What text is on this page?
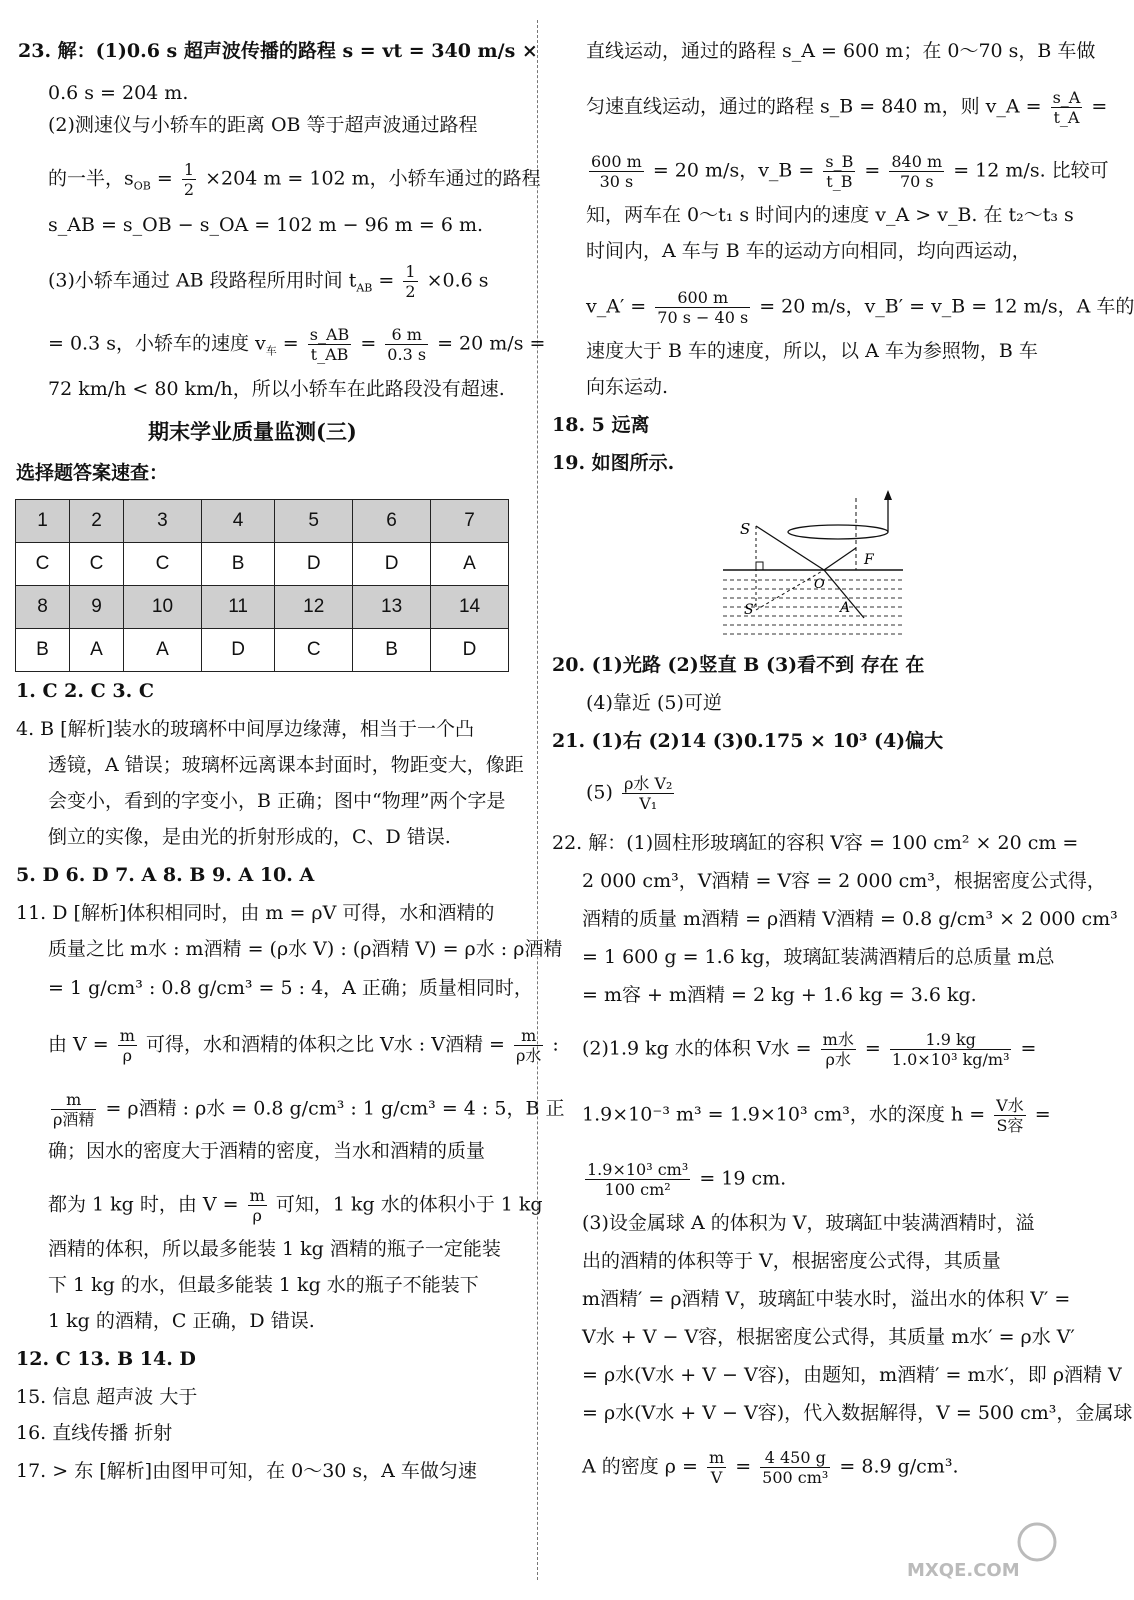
23. 解：(1)0.6 s 超声波传播的路程 s = vt = 340 m/s ×
0.6 s = 204 m.
(2)测速仪与小轿车的距离 OB 等于超声波通过路程
的一半，$s_{OB} = \frac{1}{2} \times 204$ m = 102 m，小轿车通过的路程
s_AB = s_OB − s_OA = 102 m − 96 m = 6 m.
(3)小轿车通过 AB 段路程所用时间 $t_{AB} = \frac{1}{2} \times 0.6$ s
= 0.3 s，小轿车的速度 $v_车 = \frac{s\_AB}{t\_AB} = \frac{6 m}{0.3 s} = 20$ m/s =
72 km/h < 80 km/h，所以小轿车在此路段没有超速.
期末学业质量监测(三)
选择题答案速查：
1	2	3	4	5	6	7
C	C	C	B	D	D	A
8	9	10	11	12	13	14
B	A	A	D	C	B	D
1. C 2. C 3. C
4. B [解析]装水的玻璃杯中间厚边缘薄，相当于一个凸
透镜，A 错误；玻璃杯远离课本封面时，物距变大，像距
会变小，看到的字变小，B 正确；图中“物理”两个字是
倒立的实像，是由光的折射形成的，C、D 错误.
5. D 6. D 7. A 8. B 9. A 10. A
11. D [解析]体积相同时，由 m = ρV 可得，水和酒精的
质量之比 m水 : m酒精 = (ρ水 V) : (ρ酒精 V) = ρ水 : ρ酒精
= 1 g/cm³ : 0.8 g/cm³ = 5 : 4，A 正确；质量相同时，
由 $V = \frac{m}{\rho}$ 可得，水和酒精的体积之比 V水 : V酒精 = m
ρ水 :
m
ρ酒精 = ρ酒精 : ρ水 = 0.8 g/cm³ : 1 g/cm³ = 4 : 5，B 正
确；因水的密度大于酒精的密度，当水和酒精的质量
都为 1 kg 时，由 $V = \frac{m}{\rho}$ 可知，1 kg 水的体积小于 1 kg
酒精的体积，所以最多能装 1 kg 酒精的瓶子一定能装
下 1 kg 的水，但最多能装 1 kg 水的瓶子不能装下
1 kg 的酒精，C 正确，D 错误.
12. C 13. B 14. D
15. 信息 超声波 大于
16. 直线传播 折射
17. > 东 [解析]由图甲可知，在 0～30 s，A 车做匀速
直线运动，通过的路程 s_A = 600 m；在 0～70 s，B 车做
匀速直线运动，通过的路程 s_B = 840 m，则 v_A = $\frac{s\_A}{t\_A}$ =
$\frac{600 m}{30 s} = 20$ m/s，v_B = $\frac{s\_B}{t\_B} = \frac{840 m}{70 s} = 12$ m/s. 比较可
知，两车在 0～t₁ s 时间内的速度 v_A > v_B. 在 t₂～t₃ s
时间内，A 车与 B 车的运动方向相同，均向西运动，
v_A′ = $\frac{600 m}{70 s - 40 s} = 20$ m/s，v_B′ = v_B = 12 m/s，A 车的
速度大于 B 车的速度，所以，以 A 车为参照物，B 车
向东运动.
18. 5 远离
19. 如图所示.
S
S′
F
O
A
20. (1)光路 (2)竖直 B (3)看不到 存在 在
(4)靠近 (5)可逆
21. (1)右 (2)14 (3)0.175 × 10³ (4)偏大
(5) ρ水 V₂
V₁
22. 解：(1)圆柱形玻璃缸的容积 V容 = 100 cm² × 20 cm =
2 000 cm³，V酒精 = V容 = 2 000 cm³，根据密度公式得，
酒精的质量 m酒精 = ρ酒精 V酒精 = 0.8 g/cm³ × 2 000 cm³
= 1 600 g = 1.6 kg，玻璃缸装满酒精后的总质量 m总
= m容 + m酒精 = 2 kg + 1.6 kg = 3.6 kg.
(2)1.9 kg 水的体积 V水 = m水
ρ水 = $\frac{1.9 kg}{\text{1.0×10³ kg/m³}}$ =
1.9×10⁻³ m³ = 1.9×10³ cm³，水的深度 h = V水
S容 =
$\frac{\text{1.9×10³ cm³}}{\text{100 cm²}} = 19$ cm.
(3)设金属球 A 的体积为 V，玻璃缸中装满酒精时，溢
出的酒精的体积等于 V，根据密度公式得，其质量
m酒精′ = ρ酒精 V，玻璃缸中装水时，溢出水的体积 V′ =
V水 + V − V容，根据密度公式得，其质量 m水′ = ρ水 V′
= ρ水(V水 + V − V容)，由题知，m酒精′ = m水′，即 ρ酒精 V
= ρ水(V水 + V − V容)，代入数据解得，V = 500 cm³，金属球
A 的密度 $\rho = \frac{m}{V} = \frac{4 450 g}{\text{500 cm³}} = 8.9$ g/cm³.
MXQE.COM
